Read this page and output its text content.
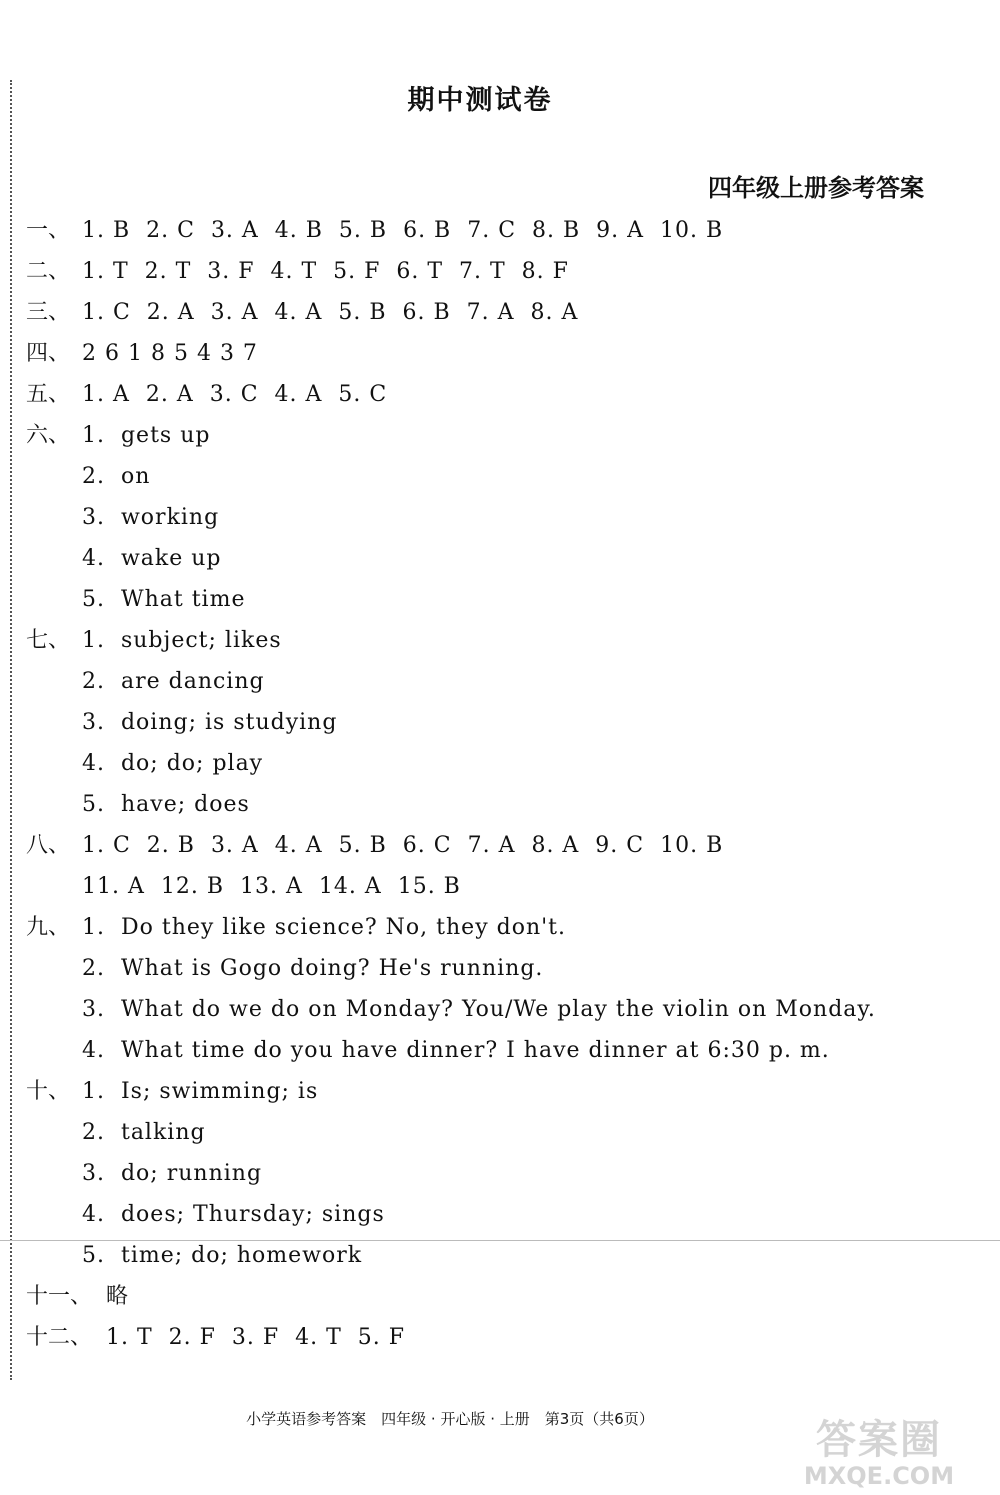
期中测试卷
四年级上册参考答案
一、 1. B  2. C  3. A  4. B  5. B  6. B  7. C  8. B  9. A  10. B
二、 1. T  2. T  3. F  4. T  5. F  6. T  7. T  8. F
三、 1. C  2. A  3. A  4. A  5. B  6. B  7. A  8. A
四、 2 6 1 8 5 4 3 7
五、 1. A  2. A  3. C  4. A  5. C
六、 1.  gets up
2.  on
3.  working
4.  wake up
5.  What time
七、 1.  subject; likes
2.  are dancing
3.  doing; is studying
4.  do; do; play
5.  have; does
八、 1. C  2. B  3. A  4. A  5. B  6. C  7. A  8. A  9. C  10. B
11. A  12. B  13. A  14. A  15. B
九、 1.  Do they like science? No, they don't.
2.  What is Gogo doing? He's running.
3.  What do we do on Monday? You/We play the violin on Monday.
4.  What time do you have dinner? I have dinner at 6:30 p. m.
十、 1.  Is; swimming; is
2.  talking
3.  do; running
4.  does; Thursday; sings
5.  time; do; homework
十一、 略
十二、 1. T  2. F  3. F  4. T  5. F
小学英语参考答案　四年级 · 开心版 · 上册　第3页（共6页）	答案圈
MXQE.COM
